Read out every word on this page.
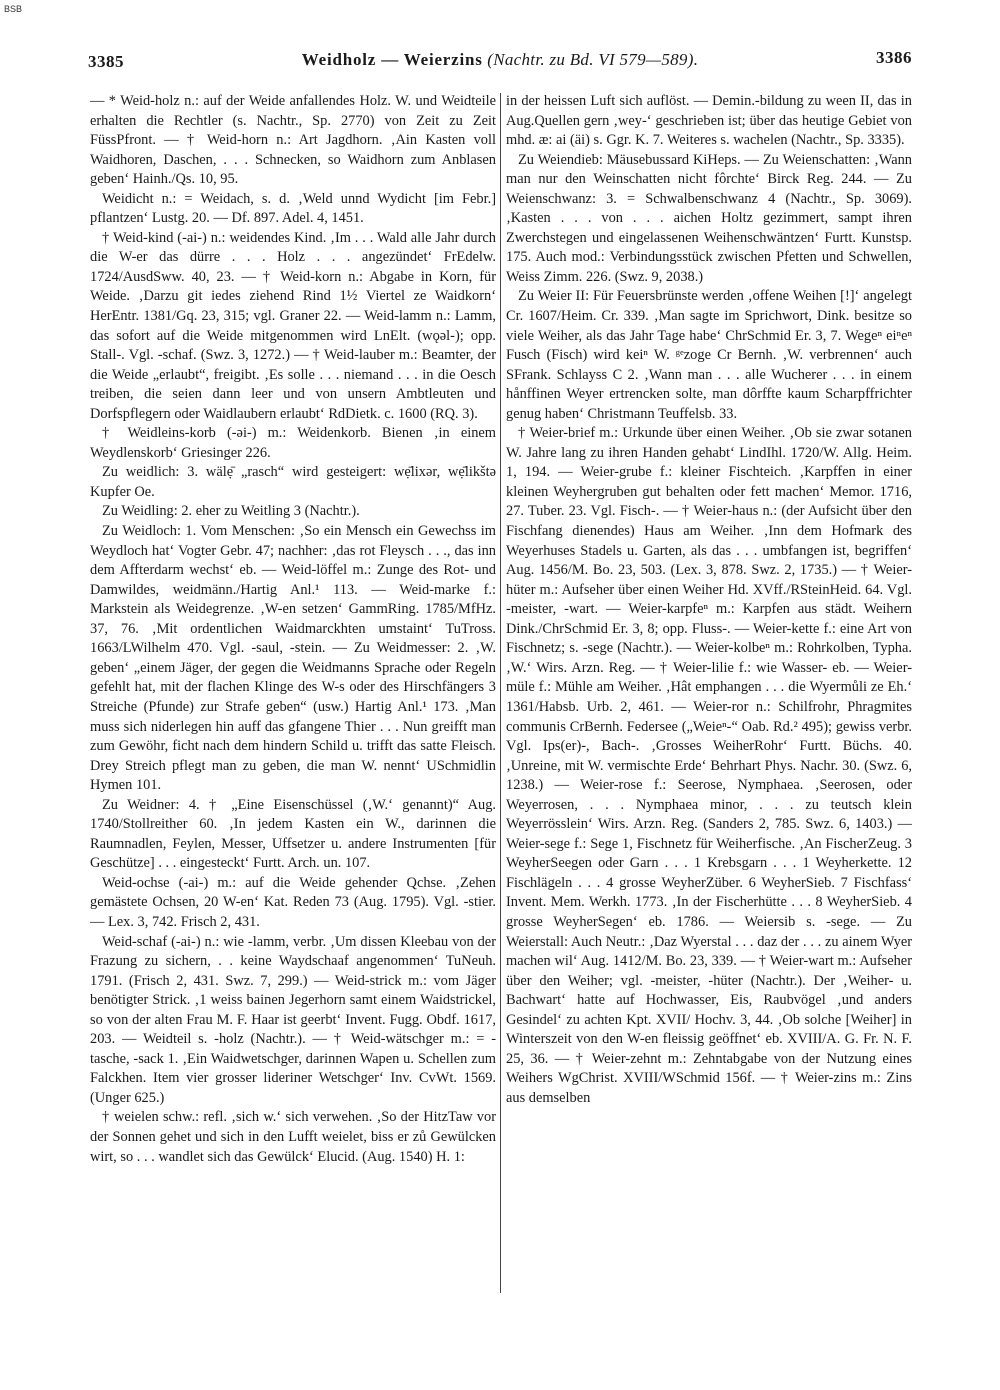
BSB
3385	Weidholz — Weierzins (Nachtr. zu Bd. VI 579—589).	3386

— * Weid-holz n.: auf der Weide anfallendes Holz. W. und Weidteile erhalten die Rechtler (s. Nachtr., Sp. 2770) von Zeit zu Zeit FüssPfront. — † Weid-horn n.: Art Jagdhorn. ‚Ain Kasten voll Waidhoren, Daschen, . . . Schnecken, so Waidhorn zum Anblasen geben‘ Hainh./Qs. 10, 95.

Weidicht n.: = Weidach, s. d. ‚Weld unnd Wydicht [im Febr.] pflantzen‘ Lustg. 20. — Df. 897. Adel. 4, 1451.

† Weid-kind (-ai-) n.: weidendes Kind. ‚Im . . . Wald alle Jahr durch die W-er das dürre . . . Holz . . . angezündet‘ FrEdelw. 1724/AusdSww. 40, 23. — † Weid-korn n.: Abgabe in Korn, für Weide. ‚Darzu git iedes ziehend Rind 1½ Viertel ze Waidkorn‘ HerEntr. 1381/Gq. 23, 315; vgl. Graner 22. — Weid-lamm n.: Lamm, das sofort auf die Weide mitgenommen wird LnElt. (wǫəl-); opp. Stall-. Vgl. -schaf. (Swz. 3, 1272.) — † Weid-lauber m.: Beamter, der die Weide „erlaubt“, freigibt. ‚Es solle . . . niemand . . . in die Oesch treiben, die seien dann leer und von unsern Ambtleuten und Dorfspflegern oder Waidlaubern erlaubt‘ RdDietk. c. 1600 (RQ. 3).

† Weidleins-korb (-əi-) m.: Weidenkorb. Bienen ‚in einem Weydlenskorb‘ Griesinger 226.

Zu weidlich: 3. wälẹ̄ „rasch“ wird gesteigert: wẹ̄lixər, wẹ̄likštə Kupfer Oe.

Zu Weidling: 2. eher zu Weitling 3 (Nachtr.).

Zu Weidloch: 1. Vom Menschen: ‚So ein Mensch ein Gewechss im Weydloch hat‘ Vogter Gebr. 47; nachher: ‚das rot Fleysch . . ., das inn dem Affterdarm wechst‘ eb. — Weid-löffel m.: Zunge des Rot- und Damwildes, weidmänn./Hartig Anl.¹ 113. — Weid-marke f.: Markstein als Weidegrenze. ‚W-en setzen‘ GammRing. 1785/MfHz. 37, 76. ‚Mit ordentlichen Waidmarckhten umstaint‘ TuTross. 1663/LWilhelm 470. Vgl. -saul, -stein. — Zu Weidmesser: 2. ‚W. geben‘ „einem Jäger, der gegen die Weidmanns Sprache oder Regeln gefehlt hat, mit der flachen Klinge des W-s oder des Hirschfängers 3 Streiche (Pfunde) zur Strafe geben“ (usw.) Hartig Anl.¹ 173. ‚Man muss sich niderlegen hin auff das gfangene Thier . . . Nun greifft man zum Gewöhr, ficht nach dem hindern Schild u. trifft das satte Fleisch. Drey Streich pflegt man zu geben, die man W. nennt‘ USchmidlin Hymen 101.

Zu Weidner: 4. † „Eine Eisenschüssel (‚W.‘ genannt)“ Aug. 1740/Stollreither 60. ‚In jedem Kasten ein W., darinnen die Raumnadlen, Feylen, Messer, Uffsetzer u. andere Instrumenten [für Geschütze] . . . eingesteckt‘ Furtt. Arch. un. 107.

Weid-ochse (-ai-) m.: auf die Weide gehender Qchse. ‚Zehen gemästete Ochsen, 20 W-en‘ Kat. Reden 73 (Aug. 1795). Vgl. -stier. — Lex. 3, 742. Frisch 2, 431.

Weid-schaf (-ai-) n.: wie -lamm, verbr. ‚Um dissen Kleebau von der Frazung zu sichern, . . keine Waydschaaf angenommen‘ TuNeuh. 1791. (Frisch 2, 431. Swz. 7, 299.) — Weid-strick m.: vom Jäger benötigter Strick. ‚1 weiss bainen Jegerhorn samt einem Waidstrickel, so von der alten Frau M. F. Haar ist geerbt‘ Invent. Fugg. Obdf. 1617, 203. — Weidteil s. -holz (Nachtr.). — † Weid-wätschger m.: = -tasche, -sack 1. ‚Ein Waidwetschger, darinnen Wapen u. Schellen zum Falckhen. Item vier grosser lideriner Wetschger‘ Inv. CvWt. 1569. (Unger 625.)

† weielen schw.: refl. ‚sich w.‘ sich verwehen. ‚So der HitzTaw vor der Sonnen gehet und sich in den Lufft weielet, biss er zů Gewülcken wirt, so . . . wandlet sich das Gewülck‘ Elucid. (Aug. 1540) H. 1:

in der heissen Luft sich auflöst. — Demin.-bildung zu ween II, das in Aug.Quellen gern ‚wey-‘ geschrieben ist; über das heutige Gebiet von mhd. æ: ai (äi) s. Ggr. K. 7. Weiteres s. wachelen (Nachtr., Sp. 3335).

Zu Weiendieb: Mäusebussard KiHeps. — Zu Weienschatten: ‚Wann man nur den Weinschatten nicht fôrchte‘ Birck Reg. 244. — Zu Weienschwanz: 3. = Schwalbenschwanz 4 (Nachtr., Sp. 3069). ‚Kasten . . . von . . . aichen Holtz gezimmert, sampt ihren Zwerchstegen und eingelassenen Weihenschwäntzen‘ Furtt. Kunstsp. 175. Auch mod.: Verbindungsstück zwischen Pfetten und Schwellen, Weiss Zimm. 226. (Swz. 9, 2038.)

Zu Weier II: Für Feuersbrünste werden ‚offene Weihen [!]‘ angelegt Cr. 1607/Heim. Cr. 339. ‚Man sagte im Sprichwort, Dink. besitze so viele Weiher, als das Jahr Tage habe‘ ChrSchmid Er. 3, 7. Wegeⁿ eiⁿeⁿ Fusch (Fisch) wird keiⁿ W. ᵍᵉzoge Cr Bernh. ‚W. verbrennen‘ auch SFrank. Schlayss C 2. ‚Wann man . . . alle Wucherer . . . in einem hånffinen Weyer ertrencken solte, man dôrffte kaum Scharpffrichter genug haben‘ Christmann Teuffelsb. 33.

† Weier-brief m.: Urkunde über einen Weiher. ‚Ob sie zwar sotanen W. Jahre lang zu ihren Handen gehabt‘ LindIhl. 1720/W. Allg. Heim. 1, 194. — Weier-grube f.: kleiner Fischteich. ‚Karpffen in einer kleinen Weyhergruben gut behalten oder fett machen‘ Memor. 1716, 27. Tuber. 23. Vgl. Fisch-. — † Weier-haus n.: (der Aufsicht über den Fischfang dienendes) Haus am Weiher. ‚Inn dem Hofmark des Weyerhuses Stadels u. Garten, als das . . . umbfangen ist, begriffen‘ Aug. 1456/M. Bo. 23, 503. (Lex. 3, 878. Swz. 2, 1735.) — † Weier-hüter m.: Aufseher über einen Weiher Hd. XVff./RSteinHeid. 64. Vgl. -meister, -wart. — Weier-karpfeⁿ m.: Karpfen aus städt. Weihern Dink./ChrSchmid Er. 3, 8; opp. Fluss-. — Weier-kette f.: eine Art von Fischnetz; s. -sege (Nachtr.). — Weier-kolbeⁿ m.: Rohrkolben, Typha. ‚W.‘ Wirs. Arzn. Reg. — † Weier-lilie f.: wie Wasser- eb. — Weier-müle f.: Mühle am Weiher. ‚Hât emphangen . . . die Wyermůli ze Eh.‘ 1361/Habsb. Urb. 2, 461. — Weier-ror n.: Schilfrohr, Phragmites communis CrBernh. Federsee („Weieⁿ-“ Oab. Rd.² 495); gewiss verbr. Vgl. Ips(er)-, Bach-. ‚Grosses WeiherRohr‘ Furtt. Büchs. 40. ‚Unreine, mit W. vermischte Erde‘ Behrhart Phys. Nachr. 30. (Swz. 6, 1238.) — Weier-rose f.: Seerose, Nymphaea. ‚Seerosen, oder Weyerrosen, . . . Nymphaea minor, . . . zu teutsch klein Weyerrösslein‘ Wirs. Arzn. Reg. (Sanders 2, 785. Swz. 6, 1403.) — Weier-sege f.: Sege 1, Fischnetz für Weiherfische. ‚An FischerZeug. 3 WeyherSeegen oder Garn . . . 1 Krebsgarn . . . 1 Weyherkette. 12 Fischlägeln . . . 4 grosse WeyherZüber. 6 WeyherSieb. 7 Fischfass‘ Invent. Mem. Werkh. 1773. ‚In der Fischerhütte . . . 8 WeyherSieb. 4 grosse WeyherSegen‘ eb. 1786. — Weiersib s. -sege. — Zu Weierstall: Auch Neutr.: ‚Daz Wyerstal . . . daz der . . . zu ainem Wyer machen wil‘ Aug. 1412/M. Bo. 23, 339. — † Weier-wart m.: Aufseher über den Weiher; vgl. -meister, -hüter (Nachtr.). Der ‚Weiher- u. Bachwart‘ hatte auf Hochwasser, Eis, Raubvögel ‚und anders Gesindel‘ zu achten Kpt. XVII/ Hochv. 3, 44. ‚Ob solche [Weiher] in Winterszeit von den W-en fleissig geöffnet‘ eb. XVIII/A. G. Fr. N. F. 25, 36. — † Weier-zehnt m.: Zehntabgabe von der Nutzung eines Weihers WgChrist. XVIII/WSchmid 156f. — † Weier-zins m.: Zins aus demselben
